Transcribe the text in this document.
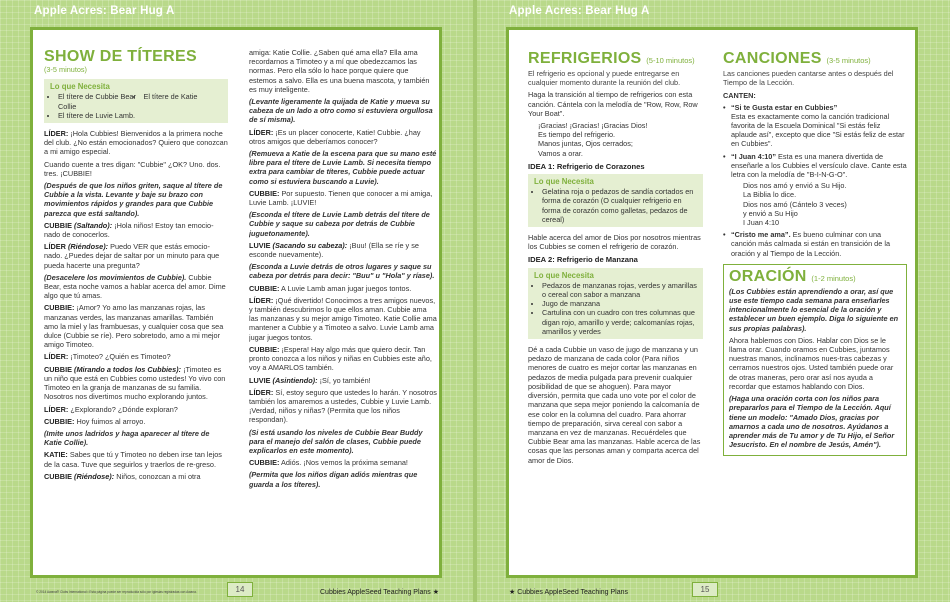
Apple Acres: Bear Hug A	Apple Acres: Bear Hug A
SHOW DE TÍTERES
(3-5 minutos)
Lo que Necesita
• El títere de Cubbie Bear Collie
• El títere de Katie
• El títere de Luvie Lamb.

LÍDER: ¡Hola Cubbies! Bienvenidos a la primera noche del club. ¿No están emocionados? Quiero que conozcan a mi amigo especial.

Cuando cuente a tres digan: "Cubbie" ¿OK? Uno. dos. tres. ¡CUBBIE!

(Después de que los niños griten, saque al títere de Cubbie a la vista. Levante y baje su brazo con movimientos rápidos y grandes para que Cubbie parezca que está saltando).

CUBBIE (Saltando): ¡Hola niños! Estoy tan emocio-nado de conocerlos.

LÍDER (Riéndose): Puedo VER que estás emocio-nado. ¿Puedes dejar de saltar por un minuto para que pueda hacerte una pregunta?

(Desacelere los movimientos de Cubbie). Cubbie Bear, esta noche vamos a hablar acerca del amor. Dime algo que tú amas.

CUBBIE: ¡Amor? Yo amo las manzanas rojas, las manzanas verdes, las manzanas amarillas. También amo la miel y las frambuesas, y cualquier cosa que sea dulce (Cubbie se ríe). Pero sobretodo, amo a mi mejor amigo Timoteo.

LÍDER: ¡Timoteo? ¿Quién es Timoteo?

CUBBIE (Mirando a todos los Cubbies): ¡Timoteo es un niño que está en Cubbies como ustedes! Yo vivo con Timoteo en la granja de manzanas de su familia. Nosotros nos divertimos mucho explorando juntos.

LÍDER: ¿Explorando? ¿Dónde exploran?

CUBBIE: Hoy fuimos al arroyo.

(Imite unos ladridos y haga aparecer al títere de Katie Collie).

KATIE: Sabes que tú y Timoteo no deben irse tan lejos de la casa. Tuve que seguirlos y traerlos de re-greso.

CUBBIE (Riéndose): Niños, conozcan a mi otra

amiga: Katie Collie. ¿Saben qué ama ella? Ella ama recordarnos a Timoteo y a mí que obedezcamos las normas. Pero ella sólo lo hace porque quiere que estemos a salvo. Ella es una buena mascota, y también es muy inteligente.

(Levante ligeramente la quijada de Katie y mueva su cabeza de un lado a otro como si estuviera orgullosa de sí misma).

LÍDER: ¡Es un placer conocerte, Katie! Cubbie. ¿hay otros amigos que deberíamos conocer?

(Remueva a Katie de la escena para que su mano esté libre para el títere de Luvie Lamb. Si necesita tiempo extra para cambiar de títeres, Cubbie puede actuar como si estuviera buscando a Luvie).

CUBBIE: Por supuesto. Tienen que conocer a mi amiga, Luvie Lamb. ¡LUVIE!

(Esconda el títere de Luvie Lamb detrás del títere de Cubbie y saque su cabeza por detrás de Cubbie juguetonamente).

LUVIE (Sacando su cabeza): ¡Buu! (Ella se ríe y se esconde nuevamente).

(Esconda a Luvie detrás de otros lugares y saque su cabeza por detrás para decir: "Buu" u "Hola" y ríase).

CUBBIE: A Luvie Lamb aman jugar juegos tontos.

LÍDER: ¡Qué divertido! Conocimos a tres amigos nuevos, y también descubrimos lo que ellos aman. Cubbie ama las manzanas y su mejor amigo Timoteo. Katie Collie ama mantener a Cubbie y a Timoteo a salvo. Luvie Lamb ama jugar juegos tontos.

CUBBIE: ¡Espera! Hay algo más que quiero decir. Tan pronto conozca a los niños y niñas en Cubbies este año, voy a AMARLOS también.

LUVIE (Asintiendo): ¡Sí, yo también!

LÍDER: Sí, estoy seguro que ustedes lo harán. Y nosotros también los amaremos a ustedes, Cubbie y Luvie Lamb. ¡Verdad, niños y niñas? (Permita que los niños respondan).

(Si está usando los niveles de Cubbie Bear Buddy para el manejo del salón de clases, Cubbie puede explicarlos en este momento).

CUBBIE: Adiós. ¡Nos vemos la próxima semana!

(Permita que los niños digan adiós mientras que guarda a los títeres).

REFRIGERIOS (5-10 minutos)

El refrigerio es opcional y puede entregarse en cualquier momento durante la reunión del club.

Haga la transición al tiempo de refrigerios con esta canción. Cántela con la melodía de "Row, Row, Row Your Boat".

¡Gracias! ¡Gracias! ¡Gracias Dios!
Es tiempo del refrigerio.
Manos juntas, Ojos cerrados;
Vamos a orar.
IDEA 1: Refrigerio de Corazones
Lo que Necesita
• Gelatina roja o pedazos de sandía cortados en forma de corazón (O cualquier refrigerio en forma de corazón como galletas, pedazos de cereal)

Hable acerca del amor de Dios por nosotros mientras los Cubbies se comen el refrigerio de corazón.

IDEA 2: Refrigerio de Manzana
Lo que Necesita
• Pedazos de manzanas rojas, verdes y amarillas o cereal con sabor a manzana
• Jugo de manzana
• Cartulina con un cuadro con tres columnas que digan rojo, amarillo y verde; calcomanías rojas, amarillos y verdes

Dé a cada Cubbie un vaso de jugo de manzana y un pedazo de manzana de cada color (Para niños menores de cuatro es mejor cortar las manzanas en pedazos de media pulgada para prevenir cualquier posibilidad de que se ahoguen). Para mayor diversión, permita que cada uno vote por el color de manzana que sepa mejor poniendo la calcomanía de ese color en la columna del cuadro. Para ahorrar tiempo de preparación, sirva cereal con sabor a manzana en vez de manzanas. Recuérdeles que Cubbie Bear ama las manzanas. Hable acerca de las cosas que las personas aman y comparta acerca del amor de Dios.

CANCIONES (3-5 minutos)

Las canciones pueden cantarse antes o después del Tiempo de la Lección.

CANTEN:
• “Si te Gusta estar en Cubbies”
Esta es exactamente como la canción tradicional favorita de la Escuela Dominical "Si estás feliz aplaude así", excepto que dice "Si estás feliz de estar en Cubbies".
• “I Juan 4:10” Esta es una manera divertida de enseñarle a los Cubbies el versículo clave. Cante esta letra con la melodía de "B-I-N-G-O".
Dios nos amó y envió a Su Hijo.
La Biblia lo dice.
Dios nos amó (Cántelo 3 veces)
y envió a Su Hijo
I Juan 4:10
• “Cristo me ama”. Es bueno culminar con una canción más calmada si están en transición de la oración y al Tiempo de la Lección.
ORACIÓN (1-2 minutos)

(Los Cubbies están aprendiendo a orar, así que use este tiempo cada semana para enseñarles intencionalmente lo esencial de la oración y establecer un buen ejemplo. Diga lo siguiente en sus propias palabras).

Ahora hablemos con Dios. Hablar con Dios se le llama orar. Cuando oramos en Cubbies, juntamos nuestras manos, inclinamos nues-tras cabezas y cerramos nuestros ojos. Usted también puede orar de otras maneras, pero orar así nos ayuda a recordar que estamos hablando con Dios.

(Haga una oración corta con los niños para prepararlos para el Tiempo de la Lección. Aquí tiene un modelo: "Amado Dios, gracias por amarnos a cada uno de nosotros. Ayúdanos a aprender más de Tu amor y de Tu Hijo, el Señor Jesucristo. En el nombre de Jesús, Amén").

14	15
Cubbies AppleSeed Teaching Plans ★	★ Cubbies AppleSeed Teaching Plans
© 2014 Awana® Clubs International • Esta página puede ser reproducida sólo por iglesias registradas con Awana.
